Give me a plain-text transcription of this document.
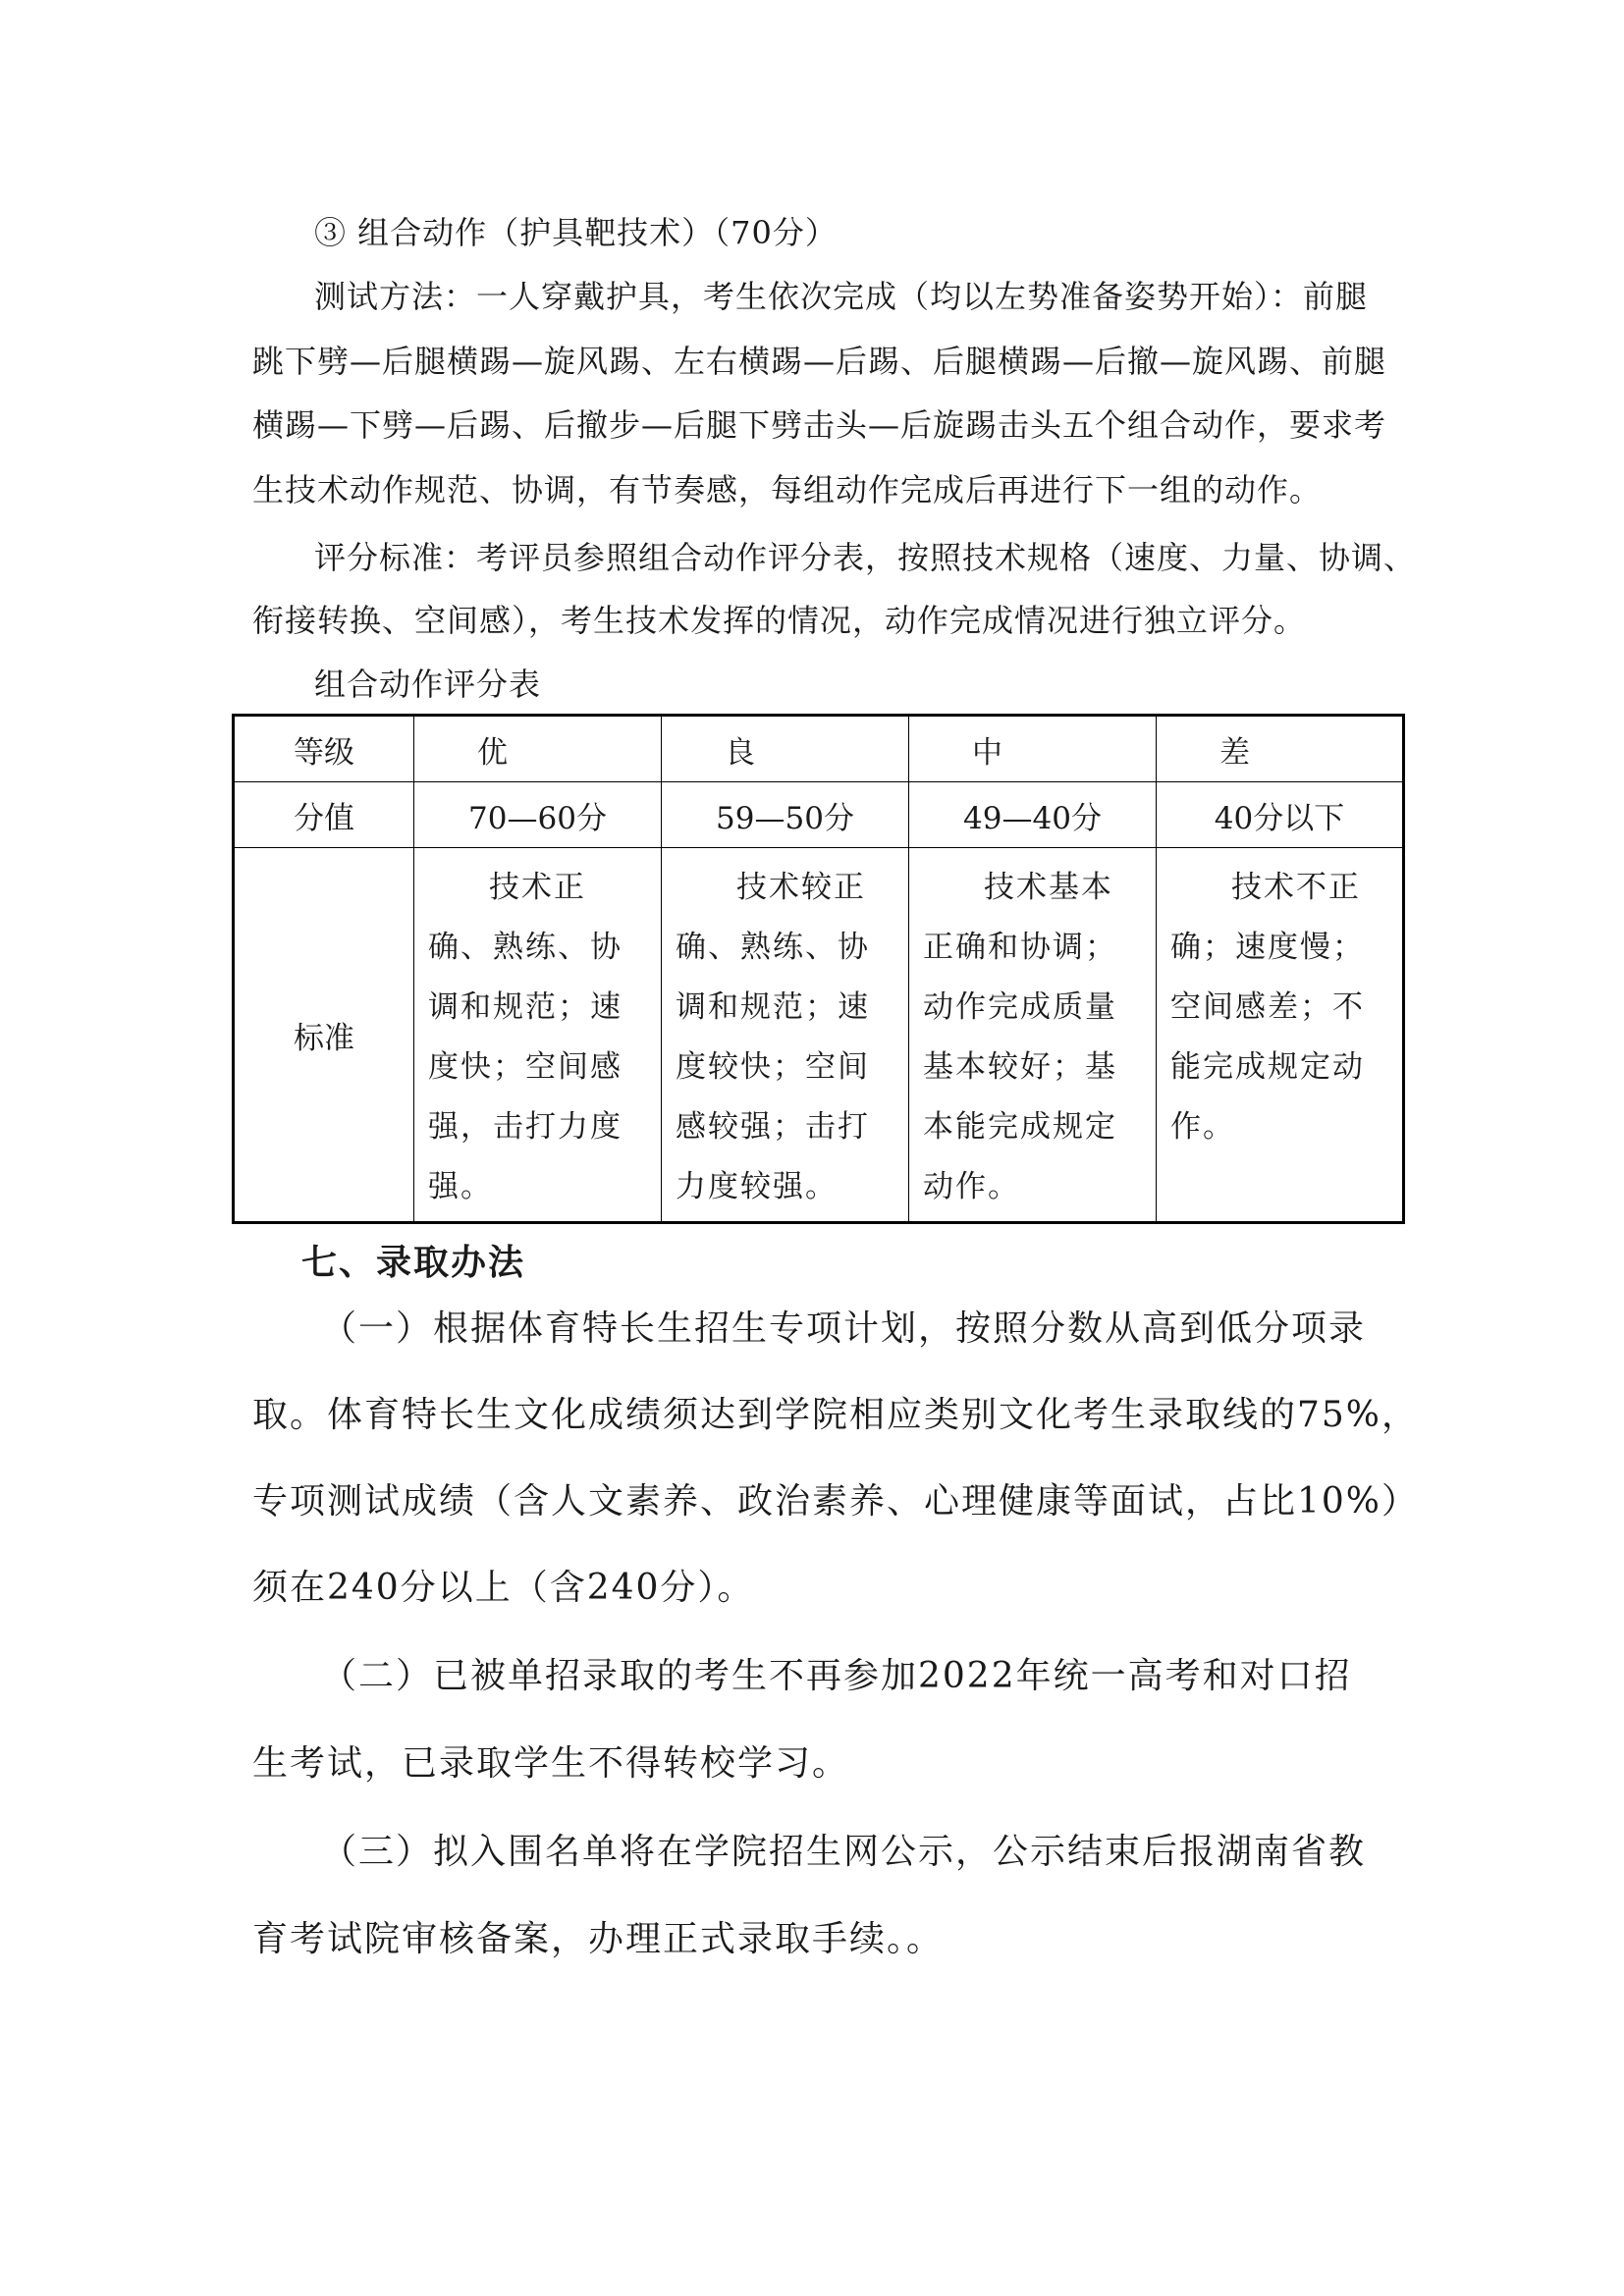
③ 组合动作（护具靶技术）（70分）
测试方法：一人穿戴护具，考生依次完成（均以左势准备姿势开始）：前腿
跳下劈—后腿横踢—旋风踢、左右横踢—后踢、后腿横踢—后撤—旋风踢、前腿
横踢—下劈—后踢、后撤步—后腿下劈击头—后旋踢击头五个组合动作，要求考
生技术动作规范、协调，有节奏感，每组动作完成后再进行下一组的动作。
评分标准：考评员参照组合动作评分表，按照技术规格（速度、力量、协调、
衔接转换、空间感），考生技术发挥的情况，动作完成情况进行独立评分。
组合动作评分表
等级	优	良	中	差
分值	70—60分	59—50分	49—40分	40分以下
标准	技术正确、熟练、协调和规范；速度快；空间感强，击打力度强。	技术较正确、熟练、协调和规范；速度较快；空间感较强；击打力度较强。	技术基本正确和协调；动作完成质量基本较好；基本能完成规定动作。	技术不正确；速度慢；空间感差；不能完成规定动作。
七、录取办法
（一）根据体育特长生招生专项计划，按照分数从高到低分项录
取。体育特长生文化成绩须达到学院相应类别文化考生录取线的75%，
专项测试成绩（含人文素养、政治素养、心理健康等面试，占比10%）
须在240分以上（含240分）。
（二）已被单招录取的考生不再参加2022年统一高考和对口招
生考试，已录取学生不得转校学习。
（三）拟入围名单将在学院招生网公示，公示结束后报湖南省教
育考试院审核备案，办理正式录取手续。。
